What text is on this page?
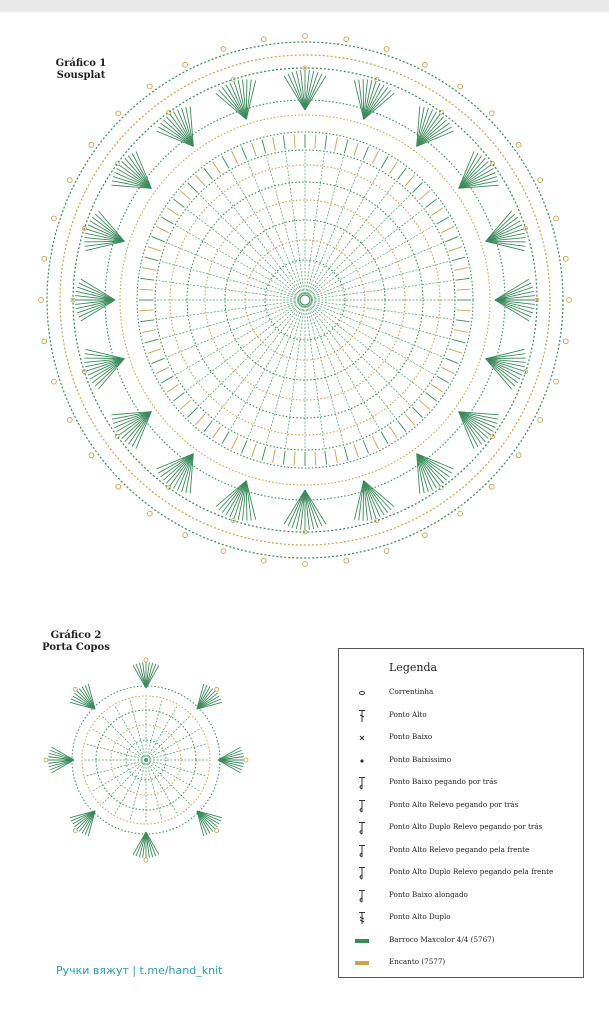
Gráfico 1
Sousplat
Gráfico 2
Porta Copos
Legenda
Correntinha
Ponto Alto
Ponto Baixo
Ponto Baixíssimo
Ponto Baixo pegando por trás
Ponto Alto Relevo pegando por trás
Ponto Alto Duplo Relevo pegando por trás
Ponto Alto Relevo pegando pela frente
Ponto Alto Duplo Relevo pegando pela frente
Ponto Baixo alongado
Ponto Alto Duplo
Barroco Maxcolor 4/4 (5767)
Encanto (7577)
Ручки вяжут | t.me/hand_knit
